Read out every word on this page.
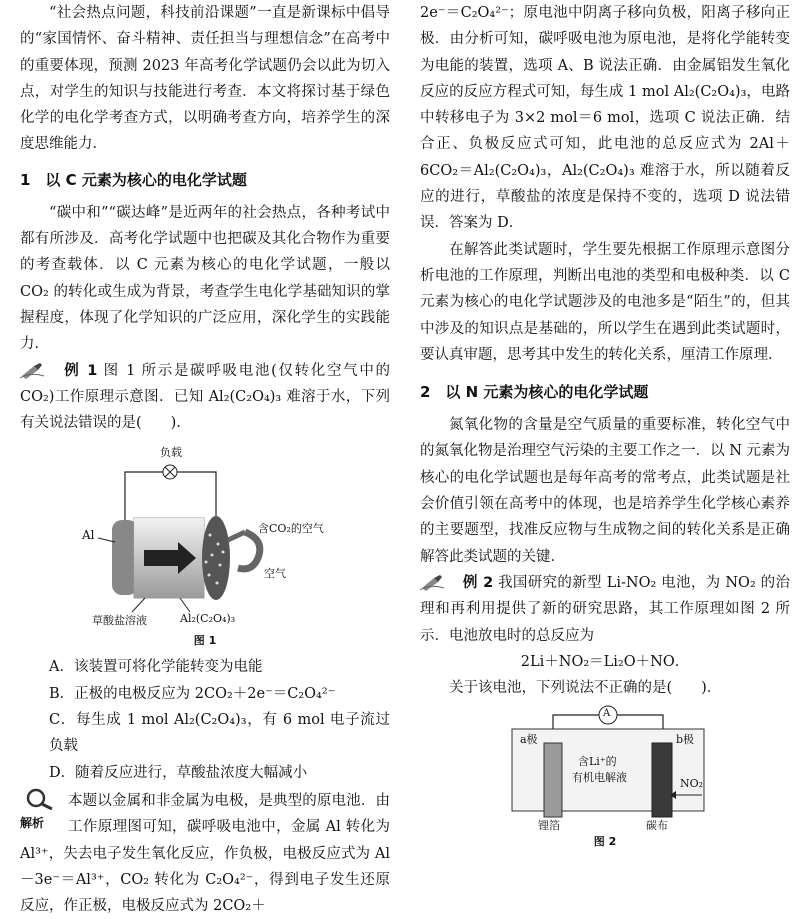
“社会热点问题，科技前沿课题”一直是新课标中倡导的“家国情怀、奋斗精神、责任担当与理想信念”在高考中的重要体现，预测 2023 年高考化学试题仍会以此为切入点，对学生的知识与技能进行考查．本文将探讨基于绿色化学的电化学考查方式，以明确考查方向，培养学生的深度思维能力．

1　以 C 元素为核心的电化学试题

“碳中和”“碳达峰”是近两年的社会热点，各种考试中都有所涉及．高考化学试题中也把碳及其化合物作为重要的考查载体．以 C 元素为核心的电化学试题，一般以 CO₂ 的转化或生成为背景，考查学生电化学基础知识的掌握程度，体现了化学知识的广泛应用，深化学生的实践能力．

例 1 图 1 所示是碳呼吸电池(仅转化空气中的 CO₂)工作原理示意图．已知 Al₂(C₂O₄)₃ 难溶于水，下列有关说法错误的是(　　)．

负载
Al	含CO₂的空气
空气
草酸盐溶液	Al₂(C₂O₄)₃
图 1

A．该装置可将化学能转变为电能

B．正极的电极反应为 2CO₂＋2e⁻＝C₂O₄²⁻

C．每生成 1 mol Al₂(C₂O₄)₃，有 6 mol 电子流过负载

D．随着反应进行，草酸盐浓度大幅减小

解析

本题以金属和非金属为电极，是典型的原电池．由工作原理图可知，碳呼吸电池中，金属 Al 转化为 Al³⁺，失去电子发生氧化反应，作负极，电极反应式为 Al－3e⁻＝Al³⁺，CO₂ 转化为 C₂O₄²⁻，得到电子发生还原反应，作正极，电极反应式为 2CO₂＋

2e⁻＝C₂O₄²⁻；原电池中阴离子移向负极，阳离子移向正极．由分析可知，碳呼吸电池为原电池，是将化学能转变为电能的装置，选项 A、B 说法正确．由金属铝发生氧化反应的反应方程式可知，每生成 1 mol Al₂(C₂O₄)₃，电路中转移电子为 3×2 mol＝6 mol，选项 C 说法正确．结合正、负极反应式可知，此电池的总反应式为 2Al＋6CO₂＝Al₂(C₂O₄)₃，Al₂(C₂O₄)₃ 难溶于水，所以随着反应的进行，草酸盐的浓度是保持不变的，选项 D 说法错误．答案为 D．

在解答此类试题时，学生要先根据工作原理示意图分析电池的工作原理，判断出电池的类型和电极种类．以 C 元素为核心的电化学试题涉及的电池多是“陌生”的，但其中涉及的知识点是基础的，所以学生在遇到此类试题时，要认真审题，思考其中发生的转化关系，厘清工作原理．

2　以 N 元素为核心的电化学试题

氮氧化物的含量是空气质量的重要标准，转化空气中的氮氧化物是治理空气污染的主要工作之一．以 N 元素为核心的电化学试题也是每年高考的常考点，此类试题是社会价值引领在高考中的体现，也是培养学生化学核心素养的主要题型，找准反应物与生成物之间的转化关系是正确解答此类试题的关键．

例 2 我国研究的新型 Li-NO₂ 电池，为 NO₂ 的治理和再利用提供了新的研究思路，其工作原理如图 2 所示．电池放电时的总反应为

2Li＋NO₂＝Li₂O＋NO．

关于该电池，下列说法不正确的是(　　)．

A
a极	b极
含Li⁺的
有机电解液	NO₂
锂箔	碳布
图 2
